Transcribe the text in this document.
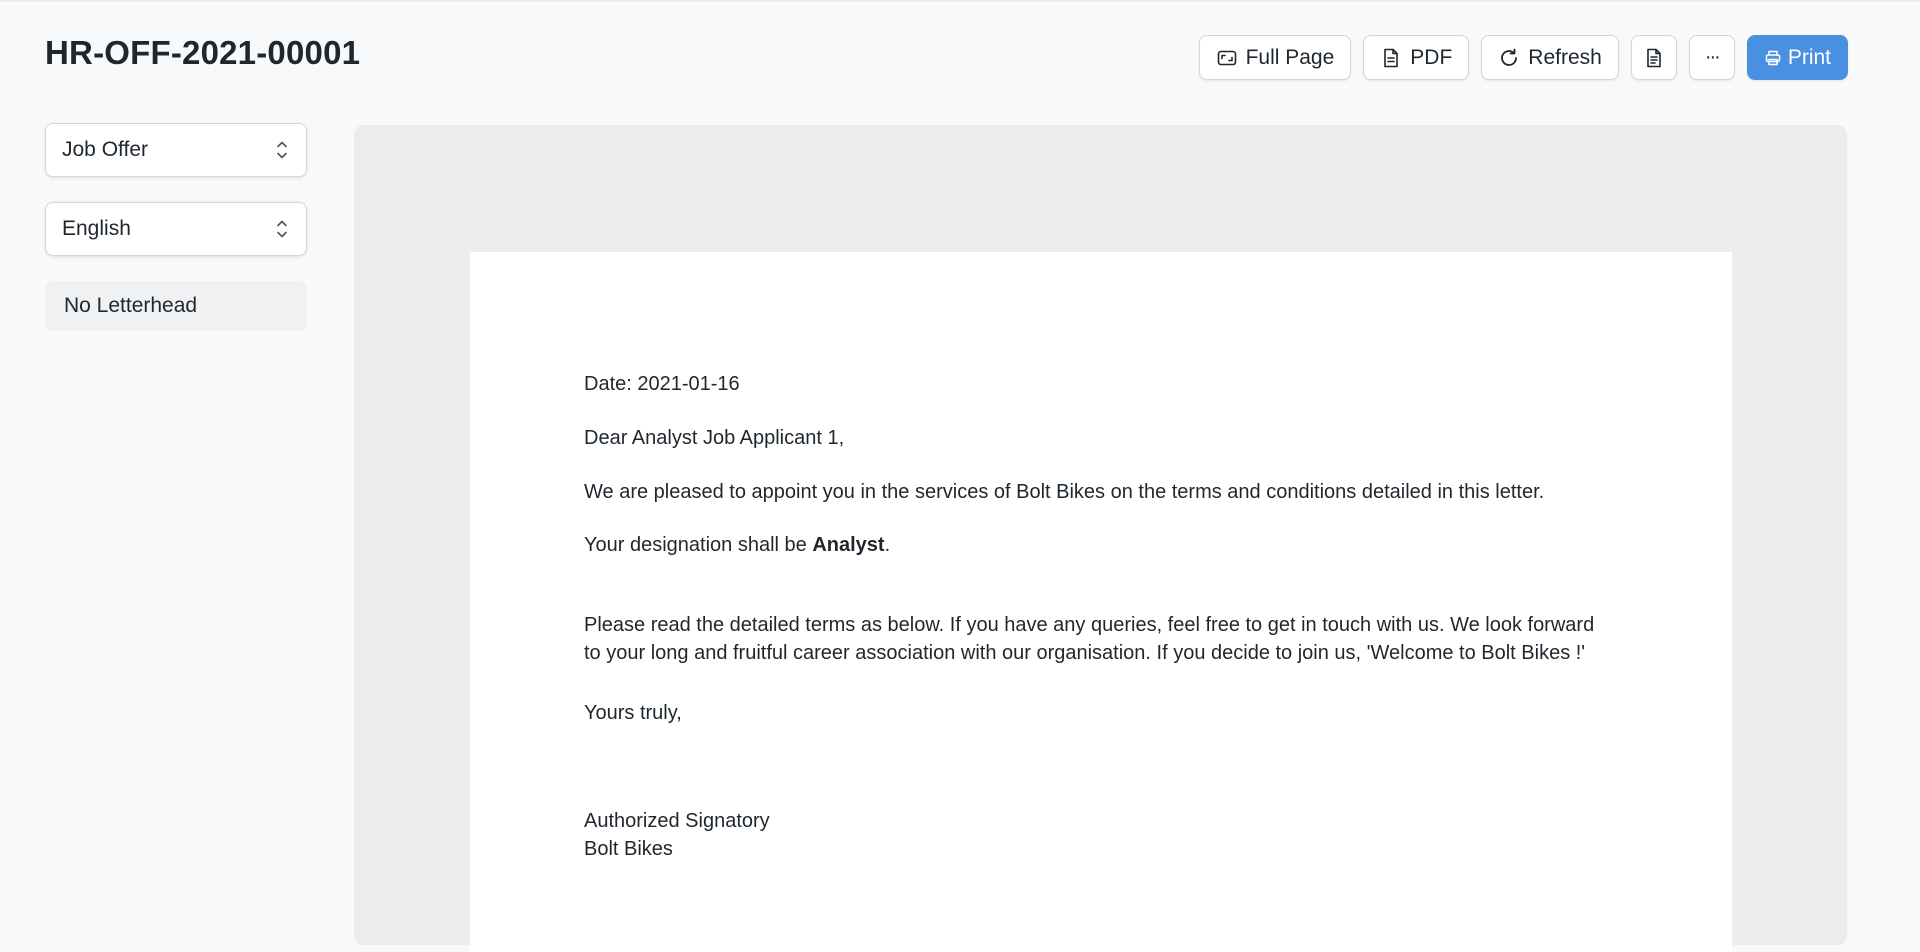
HR-OFF-2021-00001	Full Page	PDF	Refresh	···	Print
Job Offer
English
No Letterhead

Date: 2021-01-16

Dear Analyst Job Applicant 1,

We are pleased to appoint you in the services of Bolt Bikes on the terms and conditions detailed in this letter.

Your designation shall be Analyst.

Please read the detailed terms as below. If you have any queries, feel free to get in touch with us. We look forward
to your long and fruitful career association with our organisation. If you decide to join us, 'Welcome to Bolt Bikes !'

Yours truly,

Authorized Signatory

Bolt Bikes
